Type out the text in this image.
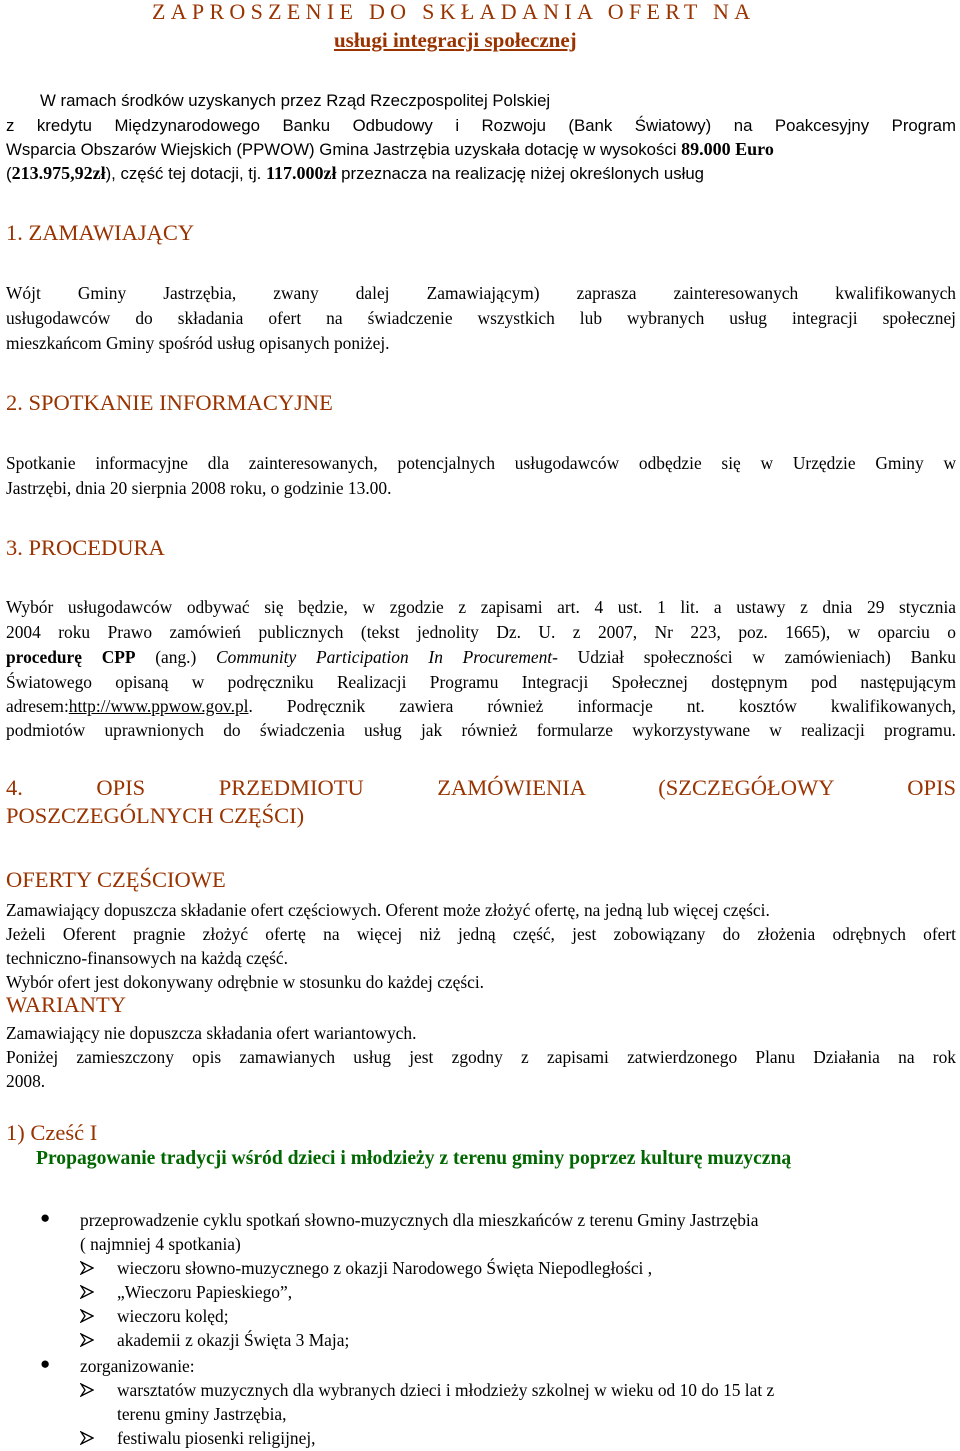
ZAPROSZENIE DO SKŁADANIA OFERT NA
usługi integracji społecznej
W ramach środków uzyskanych przez Rząd Rzeczpospolitej Polskiej
z kredytu Międzynarodowego Banku Odbudowy i Rozwoju (Bank Światowy) na Poakcesyjny Program
Wsparcia Obszarów Wiejskich (PPWOW) Gmina Jastrzębia uzyskała dotację w wysokości 89.000 Euro
(213.975,92zł), część tej dotacji, tj. 117.000zł przeznacza na realizację niżej określonych usług
1. ZAMAWIAJĄCY
Wójt Gminy Jastrzębia, zwany dalej Zamawiającym) zaprasza zainteresowanych kwalifikowanych
usługodawców do składania ofert na świadczenie wszystkich lub wybranych usług integracji społecznej
mieszkańcom Gminy spośród usług opisanych poniżej.
2. SPOTKANIE INFORMACYJNE
Spotkanie informacyjne dla zainteresowanych, potencjalnych usługodawców odbędzie się w Urzędzie Gminy w
Jastrzębi, dnia 20 sierpnia 2008 roku, o godzinie 13.00.
3. PROCEDURA
Wybór usługodawców odbywać się będzie, w zgodzie z zapisami art. 4 ust. 1 lit. a ustawy z dnia 29 stycznia
2004 roku Prawo zamówień publicznych (tekst jednolity Dz. U. z 2007, Nr 223, poz. 1665), w oparciu o
procedurę CPP (ang.) Community Participation In Procurement- Udział społeczności w zamówieniach) Banku
Światowego opisaną w podręczniku Realizacji Programu Integracji Społecznej dostępnym pod następującym
adresem:http://www.ppwow.gov.pl. Podręcznik zawiera również informacje nt. kosztów kwalifikowanych,
podmiotów uprawnionych do świadczenia usług jak również formularze wykorzystywane w realizacji programu.
4. OPIS PRZEDMIOTU ZAMÓWIENIA (SZCZEGÓŁOWY OPIS
POSZCZEGÓLNYCH CZĘŚCI)
OFERTY CZĘŚCIOWE
Zamawiający dopuszcza składanie ofert częściowych. Oferent może złożyć ofertę, na jedną lub więcej części.
Jeżeli Oferent pragnie złożyć ofertę na więcej niż jedną część, jest zobowiązany do złożenia odrębnych ofert
techniczno-finansowych na każdą część.
Wybór ofert jest dokonywany odrębnie w stosunku do każdej części.
WARIANTY
Zamawiający nie dopuszcza składania ofert wariantowych.
Poniżej zamieszczony opis zamawianych usług jest zgodny z zapisami zatwierdzonego Planu Działania na rok
2008.
1) Cześć I
Propagowanie tradycji wśród dzieci i młodzieży z terenu gminy poprzez kulturę muzyczną
● przeprowadzenie cyklu spotkań słowno-muzycznych dla mieszkańców z terenu Gminy Jastrzębia
( najmniej 4 spotkania)
wieczoru słowno-muzycznego z okazji Narodowego Święta Niepodległości ,
„Wieczoru Papieskiego”,
wieczoru kolęd;
akademii z okazji Święta 3 Maja;
● zorganizowanie:
warsztatów muzycznych dla wybranych dzieci i młodzieży szkolnej w wieku od 10 do 15 lat z
terenu gminy Jastrzębia,
festiwalu piosenki religijnej,
